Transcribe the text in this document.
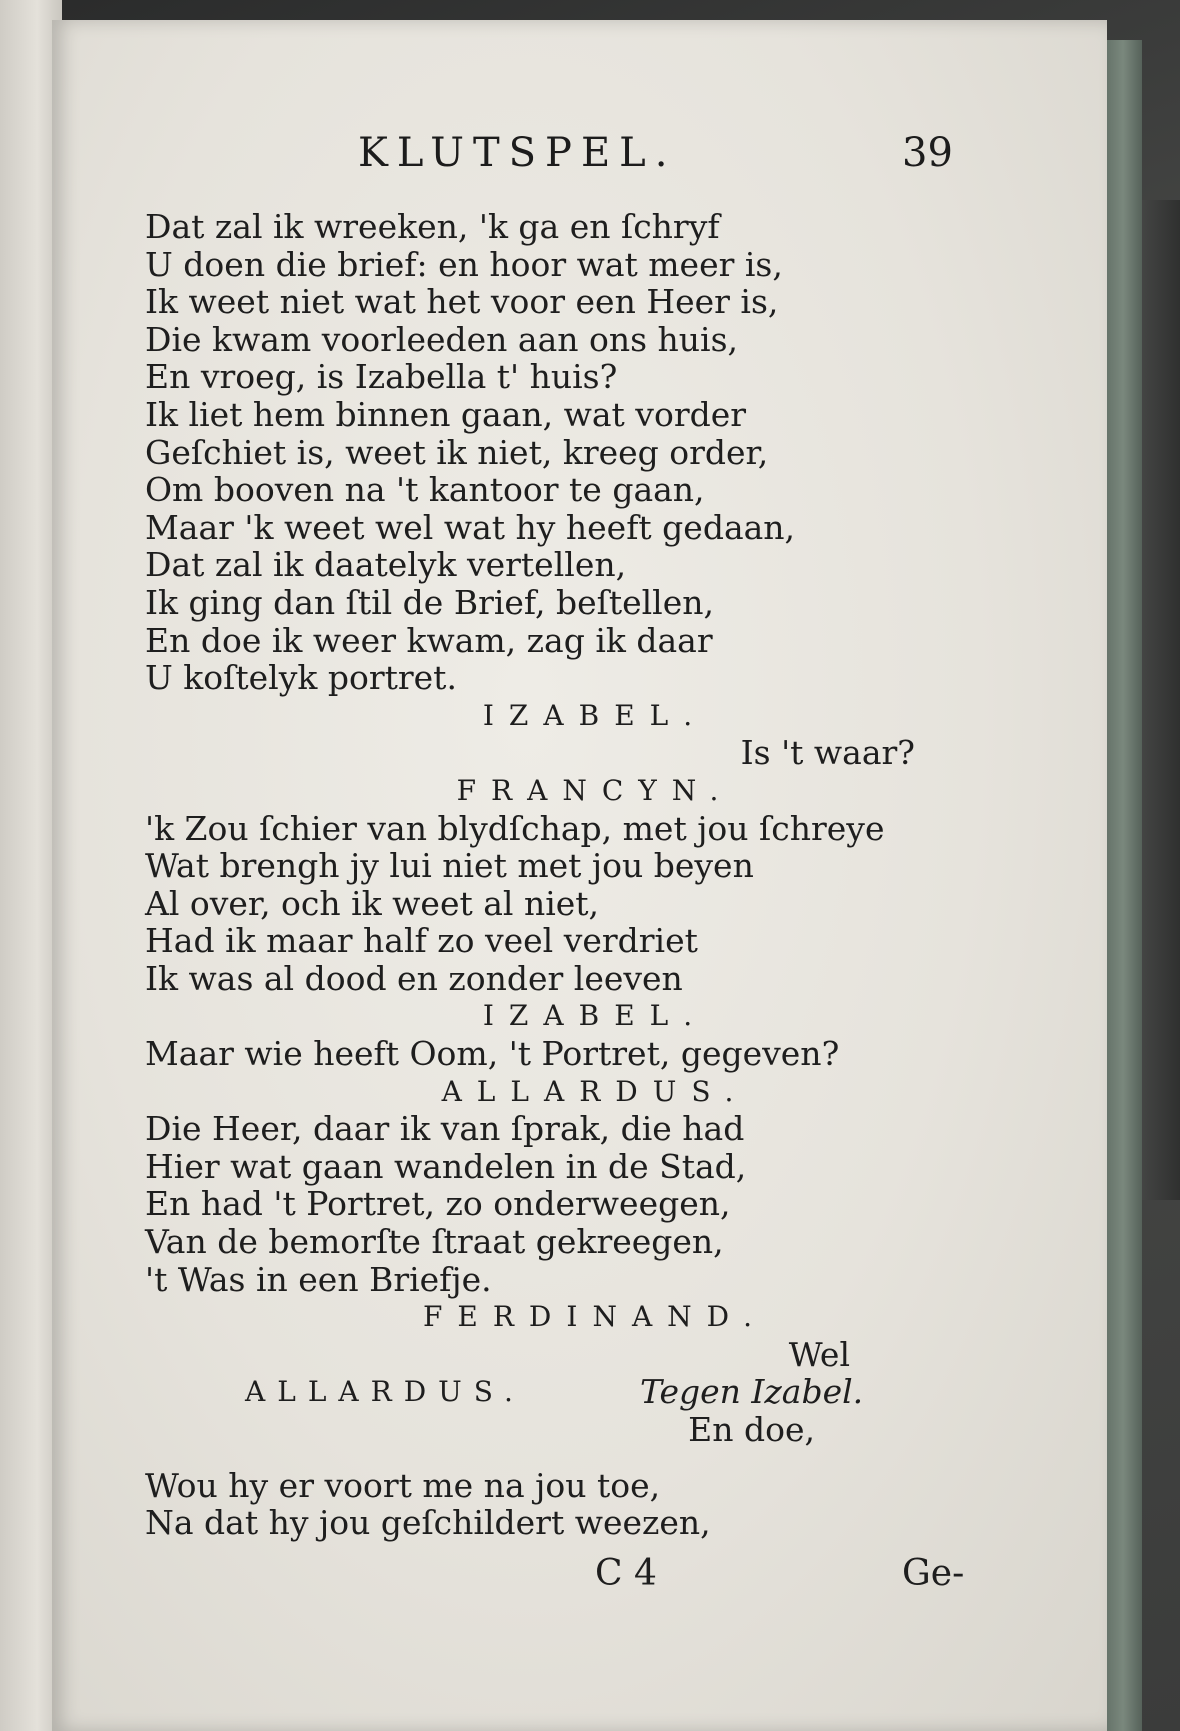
KLUTSPEL.	39
Dat zal ik wreeken, 'k ga en ſchryf
U doen die brief: en hoor wat meer is,
Ik weet niet wat het voor een Heer is,
Die kwam voorleeden aan ons huis,
En vroeg, is Izabella t' huis?
Ik liet hem binnen gaan, wat vorder
Geſchiet is, weet ik niet, kreeg order,
Om booven na 't kantoor te gaan,
Maar 'k weet wel wat hy heeft gedaan,
Dat zal ik daatelyk vertellen,
Ik ging dan ſtil de Brief, beſtellen,
En doe ik weer kwam, zag ik daar
U koſtelyk portret.
IZABEL.
Is 't waar?
FRANCYN.
'k Zou ſchier van blydſchap, met jou ſchreye
Wat brengh jy lui niet met jou beyen
Al over, och ik weet al niet,
Had ik maar half zo veel verdriet
Ik was al dood en zonder leeven
IZABEL.
Maar wie heeft Oom, 't Portret, gegeven?
ALLARDUS.
Die Heer, daar ik van ſprak, die had
Hier wat gaan wandelen in de Stad,
En had 't Portret, zo onderweegen,
Van de bemorſte ſtraat gekreegen,
't Was in een Briefje.
FERDINAND.
Wel
ALLARDUS.	Tegen Izabel.
En doe,
Wou hy er voort me na jou toe,
Na dat hy jou geſchildert weezen,
C 4	Ge-
